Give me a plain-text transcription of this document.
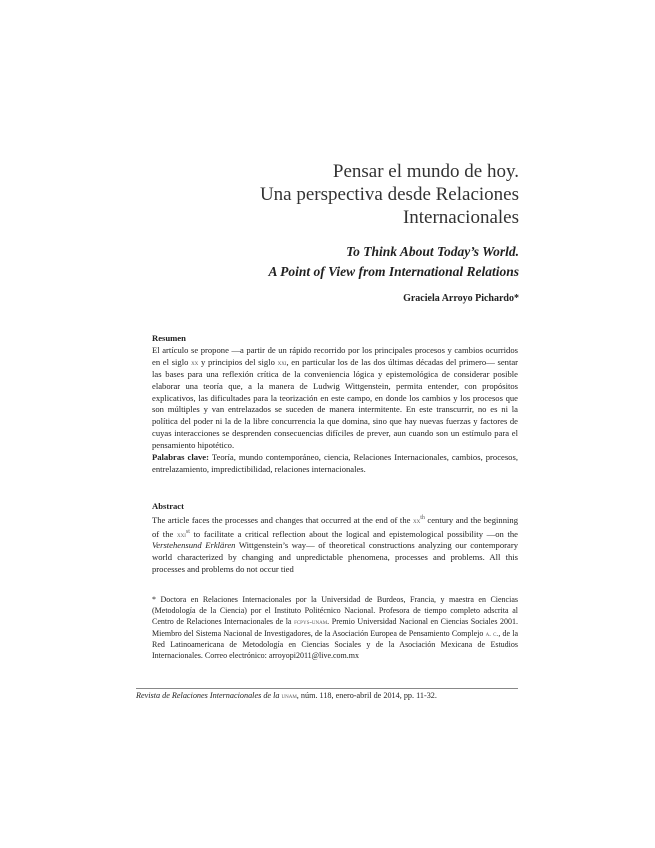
Pensar el mundo de hoy.
Una perspectiva desde Relaciones
Internacionales
To Think About Today’s World.
A Point of View from International Relations
Graciela Arroyo Pichardo*
Resumen
El artículo se propone —a partir de un rápido recorrido por los principales procesos y cambios ocurridos en el siglo xx y principios del siglo xxi, en particular los de las dos últimas décadas del primero— sentar las bases para una reflexión crítica de la conveniencia lógica y epistemológica de considerar posible elaborar una teoría que, a la manera de Ludwig Wittgenstein, permita entender, con propósitos explicativos, las dificultades para la teorización en este campo, en donde los cambios y los procesos que son múltiples y van entrelazados se suceden de manera intermitente. En este transcurrir, no es ni la política del poder ni la de la libre concurrencia la que domina, sino que hay nuevas fuerzas y factores de cuyas interacciones se desprenden consecuencias difíciles de prever, aun cuando son un estímulo para el pensamiento hipotético.
Palabras clave: Teoría, mundo contemporáneo, ciencia, Relaciones Internacionales, cambios, procesos, entrelazamiento, impredictibilidad, relaciones internacionales.
Abstract
The article faces the processes and changes that occurred at the end of the $xx^{th}$ century and the beginning of the xxi$^{st}$ to facilitate a critical reflection about the logical and epistemological possibility —on the Verstehensund Erklären Wittgenstein’s way— of theoretical constructions analyzing our contemporary world characterized by changing and unpredictable phenomena, processes and problems. All this processes and problems do not occur tied
* Doctora en Relaciones Internacionales por la Universidad de Burdeos, Francia, y maestra en Ciencias (Metodología de la Ciencia) por el Instituto Politécnico Nacional. Profesora de tiempo completo adscrita al Centro de Relaciones Internacionales de la fcpys-unam. Premio Universidad Nacional en Ciencias Sociales 2001. Miembro del Sistema Nacional de Investigadores, de la Asociación Europea de Pensamiento Complejo a. c., de la Red Latinoamericana de Metodología en Ciencias Sociales y de la Asociación Mexicana de Estudios Internacionales. Correo electrónico: arroyopi2011@live.com.mx
Revista de Relaciones Internacionales de la unam, núm. 118, enero-abril de 2014, pp. 11-32.
